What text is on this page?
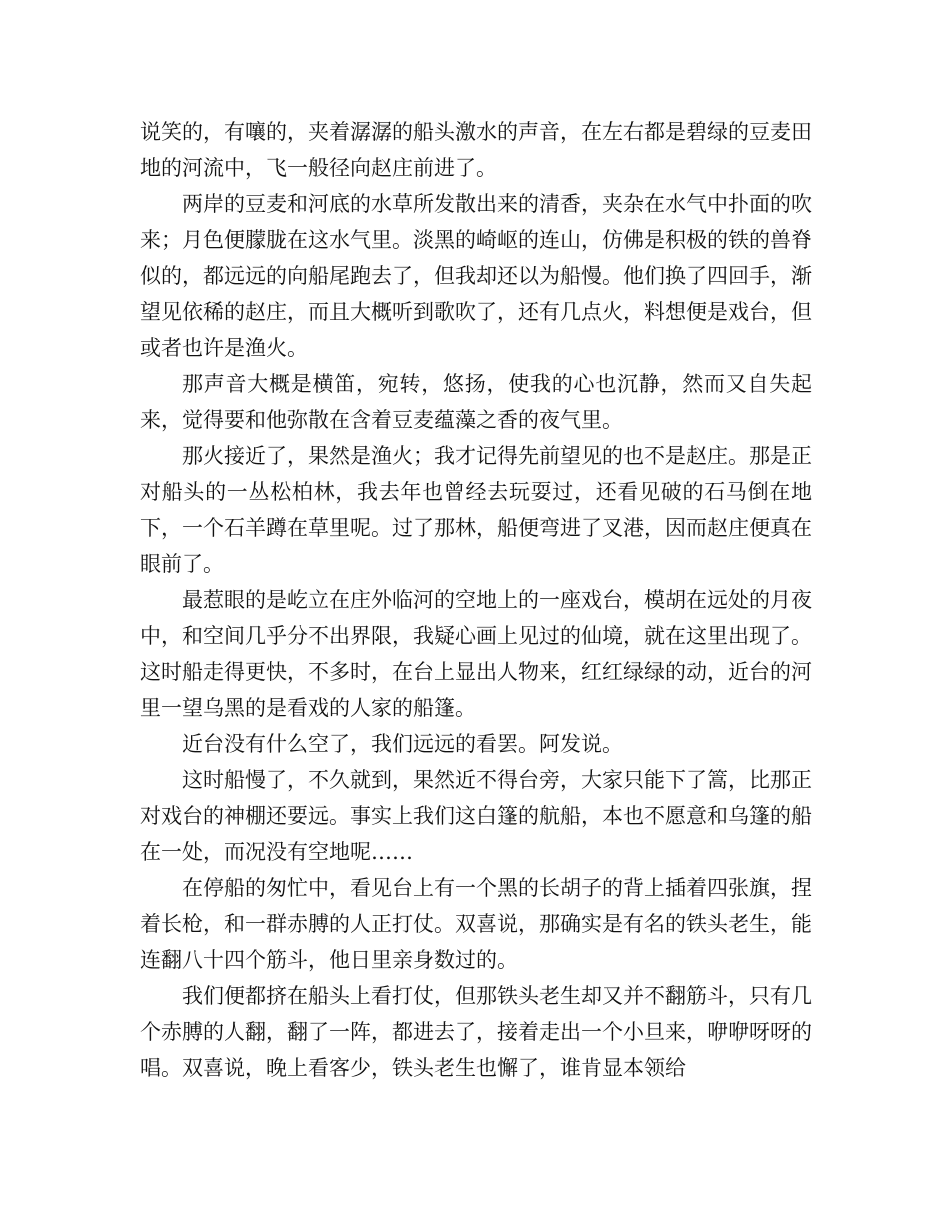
说笑的，有嚷的，夹着潺潺的船头激水的声音，在左右都是碧绿的豆麦田地的河流中，飞一般径向赵庄前进了。

两岸的豆麦和河底的水草所发散出来的清香，夹杂在水气中扑面的吹来；月色便朦胧在这水气里。淡黑的崎岖的连山，仿佛是积极的铁的兽脊似的，都远远的向船尾跑去了，但我却还以为船慢。他们换了四回手，渐望见依稀的赵庄，而且大概听到歌吹了，还有几点火，料想便是戏台，但或者也许是渔火。

那声音大概是横笛，宛转，悠扬，使我的心也沉静，然而又自失起来，觉得要和他弥散在含着豆麦蕴藻之香的夜气里。

那火接近了，果然是渔火；我才记得先前望见的也不是赵庄。那是正对船头的一丛松柏林，我去年也曾经去玩耍过，还看见破的石马倒在地下，一个石羊蹲在草里呢。过了那林，船便弯进了叉港，因而赵庄便真在眼前了。

最惹眼的是屹立在庄外临河的空地上的一座戏台，模胡在远处的月夜中，和空间几乎分不出界限，我疑心画上见过的仙境，就在这里出现了。这时船走得更快，不多时，在台上显出人物来，红红绿绿的动，近台的河里一望乌黑的是看戏的人家的船篷。

近台没有什么空了，我们远远的看罢。阿发说。

这时船慢了，不久就到，果然近不得台旁，大家只能下了篙，比那正对戏台的神棚还要远。事实上我们这白篷的航船，本也不愿意和乌篷的船在一处，而况没有空地呢……

在停船的匆忙中，看见台上有一个黑的长胡子的背上插着四张旗，捏着长枪，和一群赤膊的人正打仗。双喜说，那确实是有名的铁头老生，能连翻八十四个筋斗，他日里亲身数过的。

我们便都挤在船头上看打仗，但那铁头老生却又并不翻筋斗，只有几个赤膊的人翻，翻了一阵，都进去了，接着走出一个小旦来，咿咿呀呀的唱。双喜说，晚上看客少，铁头老生也懈了，谁肯显本领给
